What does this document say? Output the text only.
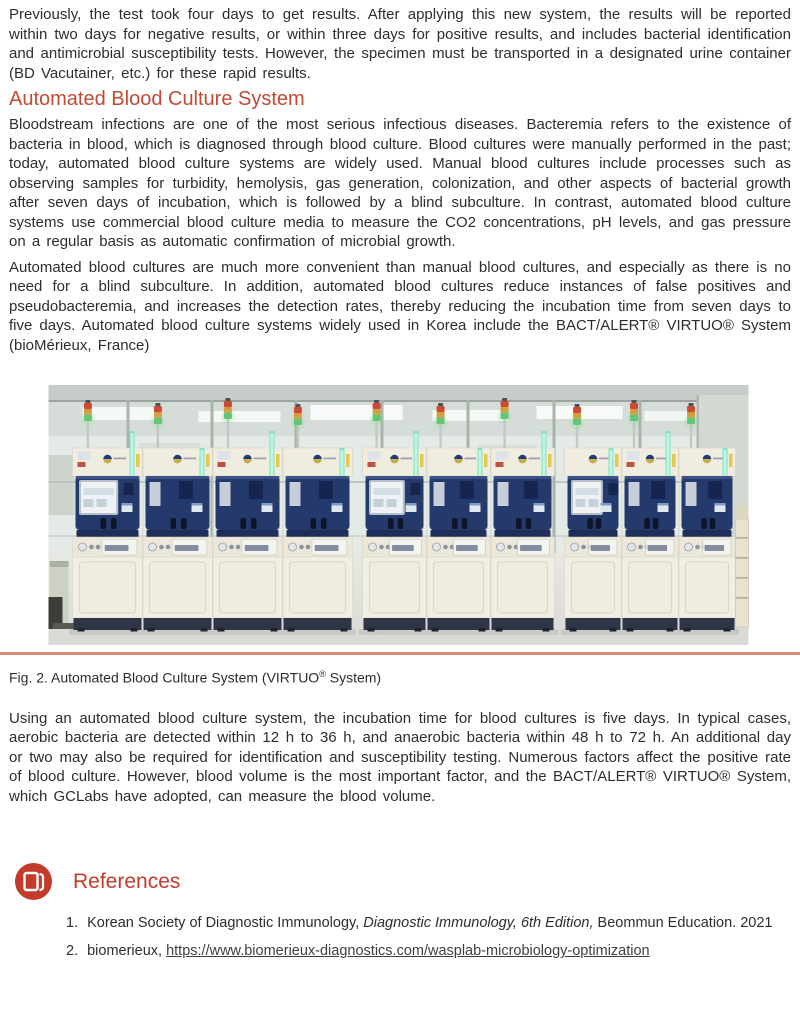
Previously, the test took four days to get results. After applying this new system, the results will be reported within two days for negative results, or within three days for positive results, and includes bacterial identification and antimicrobial susceptibility tests. However, the specimen must be transported in a designated urine container (BD Vacutainer, etc.) for these rapid results.

Automated Blood Culture System

Bloodstream infections are one of the most serious infectious diseases. Bacteremia refers to the existence of bacteria in blood, which is diagnosed through blood culture. Blood cultures were manually performed in the past; today, automated blood culture systems are widely used. Manual blood cultures include processes such as observing samples for turbidity, hemolysis, gas generation, colonization, and other aspects of bacterial growth after seven days of incubation, which is followed by a blind subculture. In contrast, automated blood culture systems use commercial blood culture media to measure the CO2 concentrations, pH levels, and gas pressure on a regular basis as automatic confirmation of microbial growth.

Automated blood cultures are much more convenient than manual blood cultures, and especially as there is no need for a blind subculture. In addition, automated blood cultures reduce instances of false positives and pseudobacteremia, and increases the detection rates, thereby reducing the incubation time from seven days to five days. Automated blood culture systems widely used in Korea include the BACT/ALERT® VIRTUO® System (bioMérieux, France)

Fig. 2. Automated Blood Culture System (VIRTUO® System)

Using an automated blood culture system, the incubation time for blood cultures is five days. In typical cases, aerobic bacteria are detected within 12 h to 36 h, and anaerobic bacteria within 48 h to 72 h. An additional day or two may also be required for identification and susceptibility testing. Numerous factors affect the positive rate of blood culture. However, blood volume is the most important factor, and the BACT/ALERT® VIRTUO® System, which GCLabs have adopted, can measure the blood volume.

References
1. Korean Society of Diagnostic Immunology, Diagnostic Immunology, 6th Edition, Beommun Education. 2021
2. biomerieux, https://www.biomerieux-diagnostics.com/wasplab-microbiology-optimization
